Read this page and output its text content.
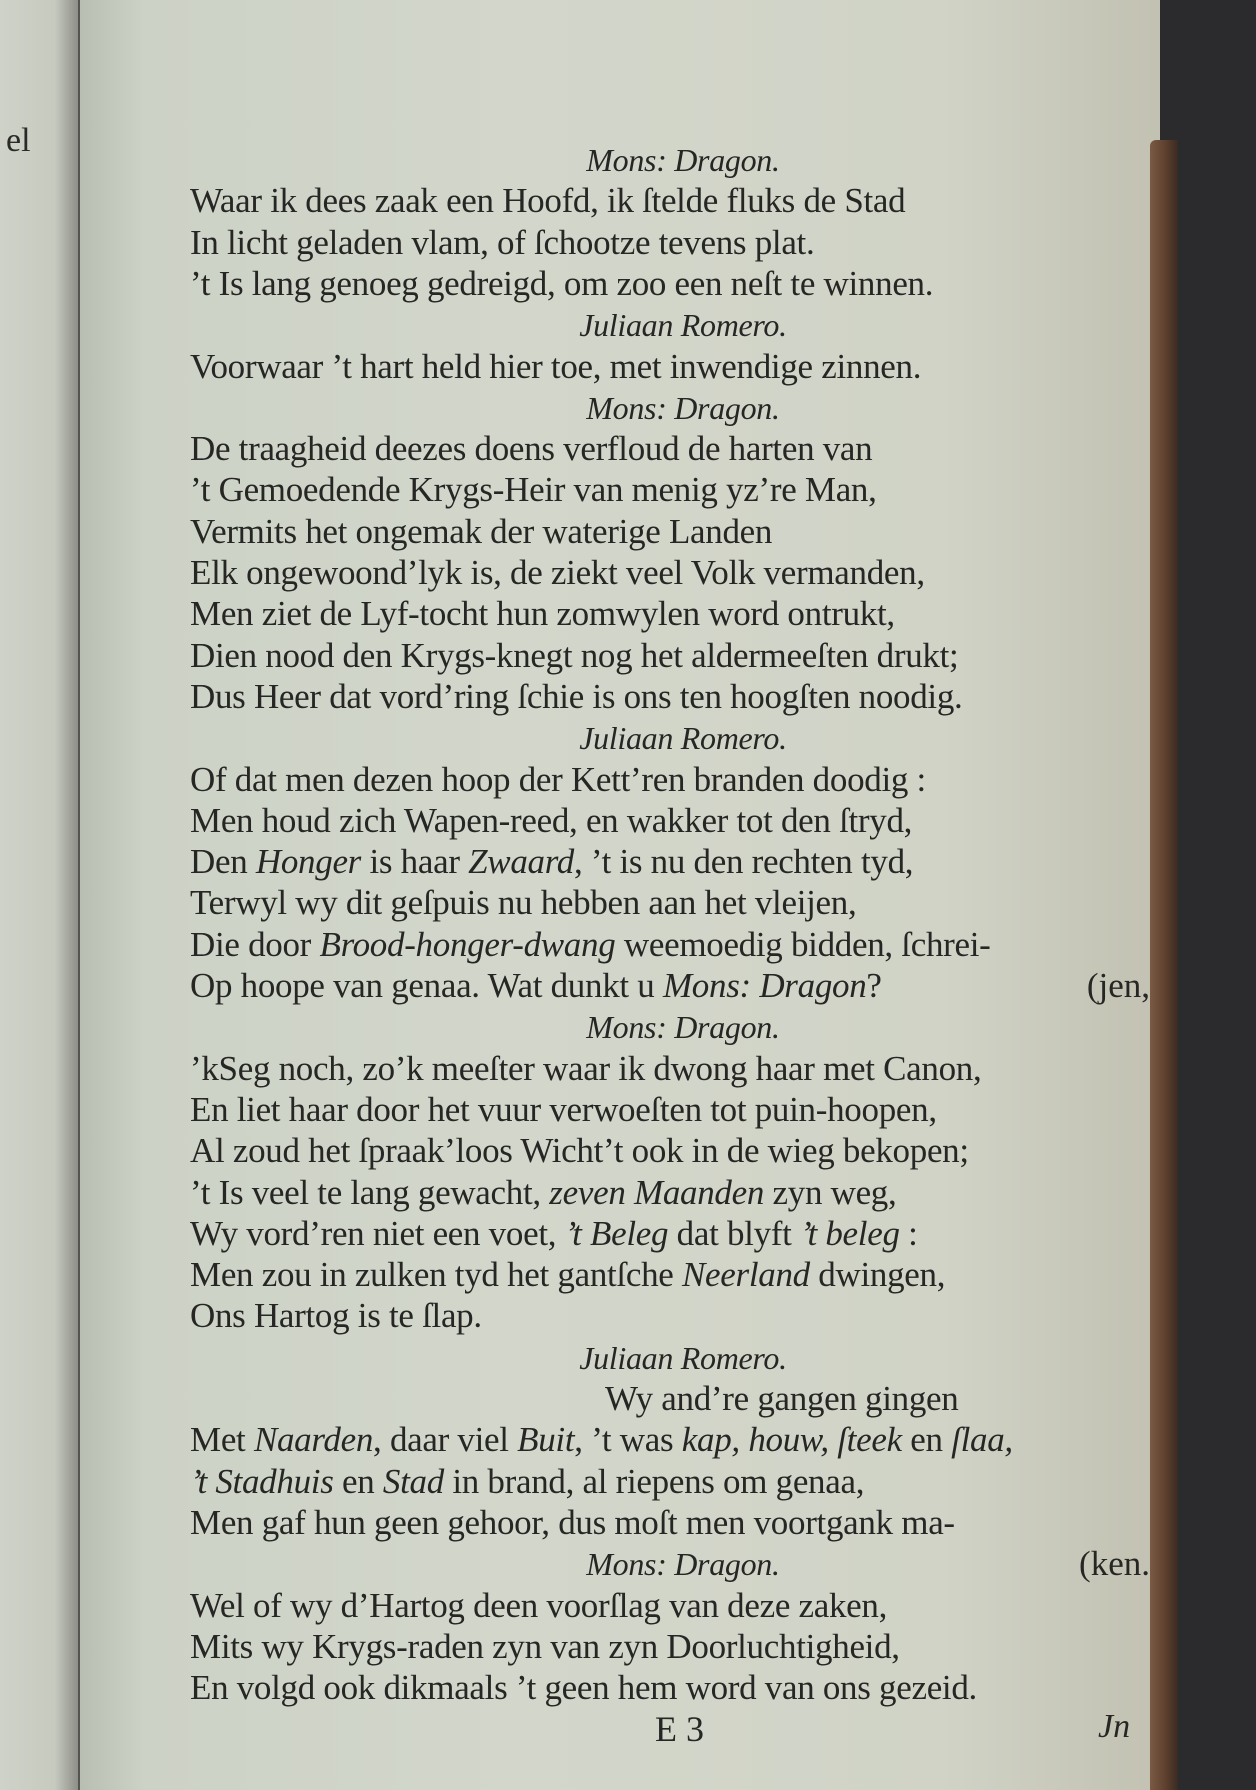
el
Mons: Dragon.
Waar ik dees zaak een Hoofd, ik ſtelde fluks de Stad
In licht geladen vlam, of ſchootze tevens plat.
’t Is lang genoeg gedreigd, om zoo een neſt te winnen.
Juliaan Romero.
Voorwaar ’t hart held hier toe, met inwendige zinnen.
Mons: Dragon.
De traagheid deezes doens verfloud de harten van
’t Gemoedende Krygs-Heir van menig yz’re Man,
Vermits het ongemak der waterige Landen
Elk ongewoond’lyk is, de ziekt veel Volk vermanden,
Men ziet de Lyf-tocht hun zomwylen word ontrukt,
Dien nood den Krygs-knegt nog het aldermeeſten drukt;
Dus Heer dat vord’ring ſchie is ons ten hoogſten noodig.
Juliaan Romero.
Of dat men dezen hoop der Kett’ren branden doodig :
Men houd zich Wapen-reed, en wakker tot den ſtryd,
Den Honger is haar Zwaard, ’t is nu den rechten tyd,
Terwyl wy dit geſpuis nu hebben aan het vleijen,
Die door Brood-honger-dwang weemoedig bidden, ſchrei-
Op hoope van genaa. Wat dunkt u Mons: Dragon?	(jen,
Mons: Dragon.
’kSeg noch, zo’k meeſter waar ik dwong haar met Canon,
En liet haar door het vuur verwoeſten tot puin-hoopen,
Al zoud het ſpraak’loos Wicht’t ook in de wieg bekopen;
’t Is veel te lang gewacht, zeven Maanden zyn weg,
Wy vord’ren niet een voet, ’t Beleg dat blyft ’t beleg :
Men zou in zulken tyd het gantſche Neerland dwingen,
Ons Hartog is te ſlap.
Juliaan Romero.
Wy and’re gangen gingen
Met Naarden, daar viel Buit, ’t was kap, houw, ſteek en ſlaa,
’t Stadhuis en Stad in brand, al riepens om genaa,
Men gaf hun geen gehoor, dus moſt men voortgank ma-
Mons: Dragon.	(ken.
Wel of wy d’Hartog deen voorſlag van deze zaken,
Mits wy Krygs-raden zyn van zyn Doorluchtigheid,
En volgd ook dikmaals ’t geen hem word van ons gezeid.
E 3	Jn
